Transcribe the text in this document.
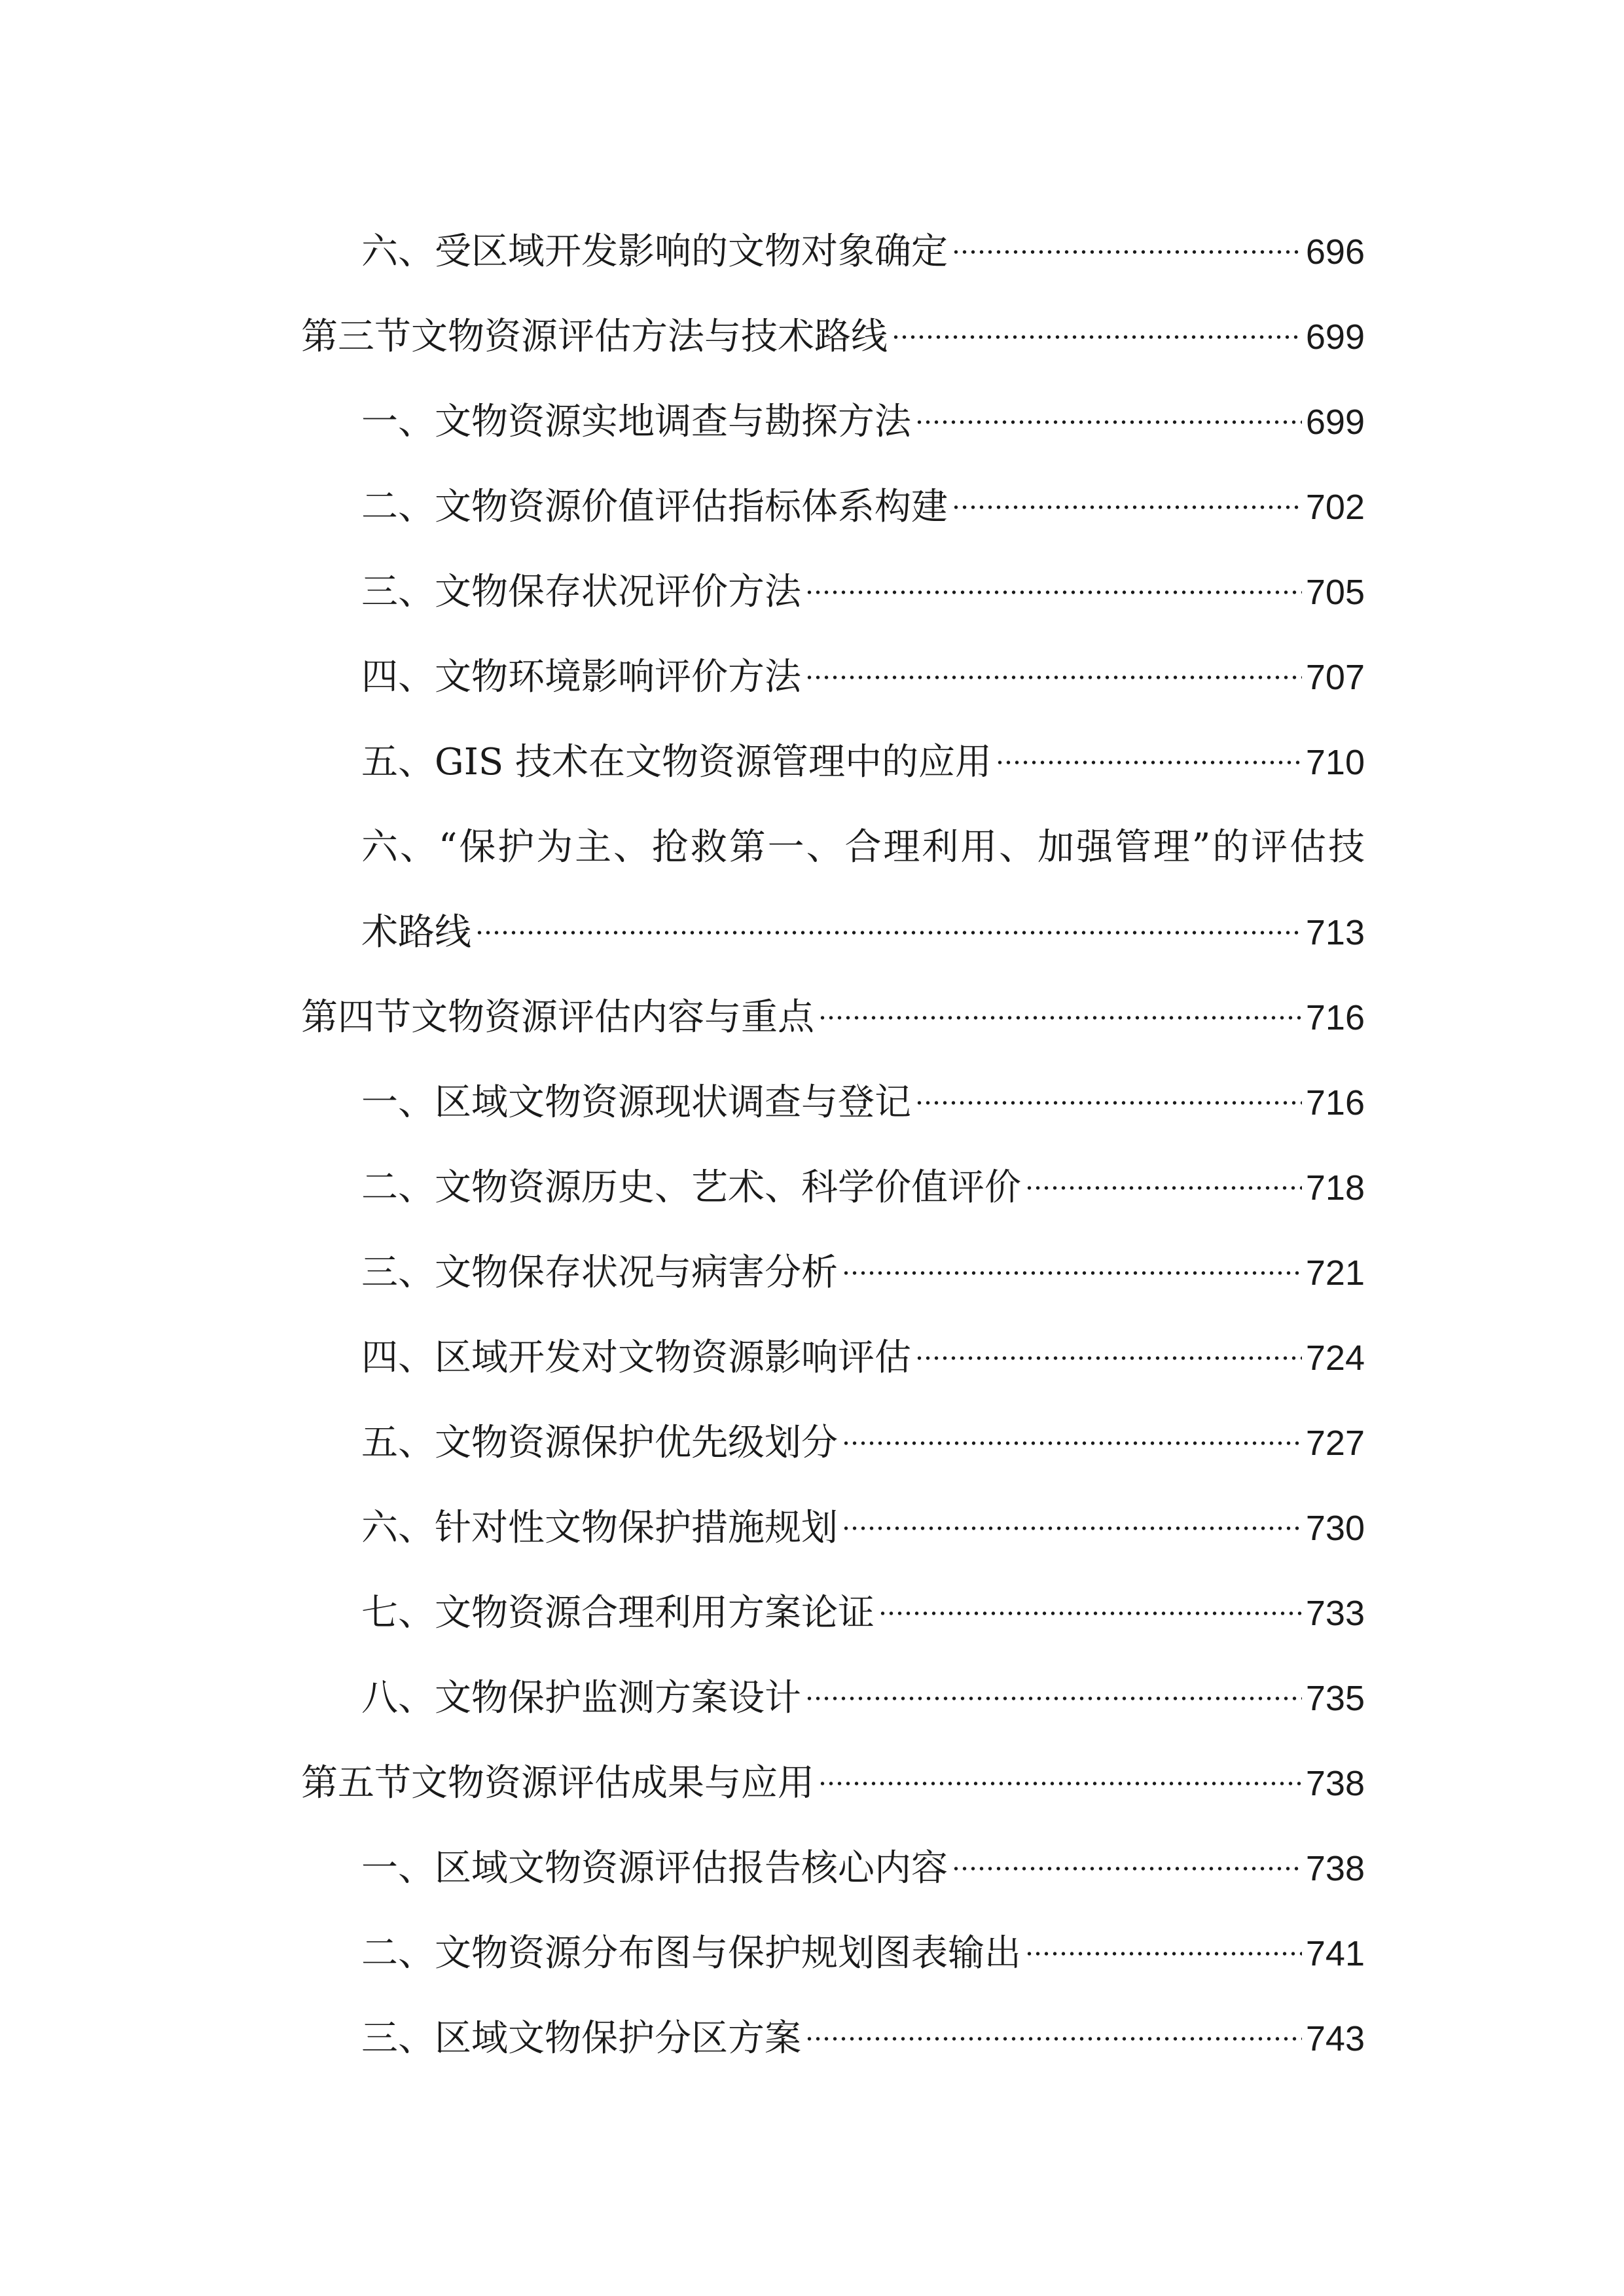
六、受区域开发影响的文物对象确定	696
第三节文物资源评估方法与技术路线	699
一、文物资源实地调查与勘探方法	699
二、文物资源价值评估指标体系构建	702
三、文物保存状况评价方法	705
四、文物环境影响评价方法	707
五、GIS 技术在文物资源管理中的应用	710
六、“保护为主、抢救第一、合理利用、加强管理”的评估技
术路线	713
第四节文物资源评估内容与重点	716
一、区域文物资源现状调查与登记	716
二、文物资源历史、艺术、科学价值评价	718
三、文物保存状况与病害分析	721
四、区域开发对文物资源影响评估	724
五、文物资源保护优先级划分	727
六、针对性文物保护措施规划	730
七、文物资源合理利用方案论证	733
八、文物保护监测方案设计	735
第五节文物资源评估成果与应用	738
一、区域文物资源评估报告核心内容	738
二、文物资源分布图与保护规划图表输出	741
三、区域文物保护分区方案	743
